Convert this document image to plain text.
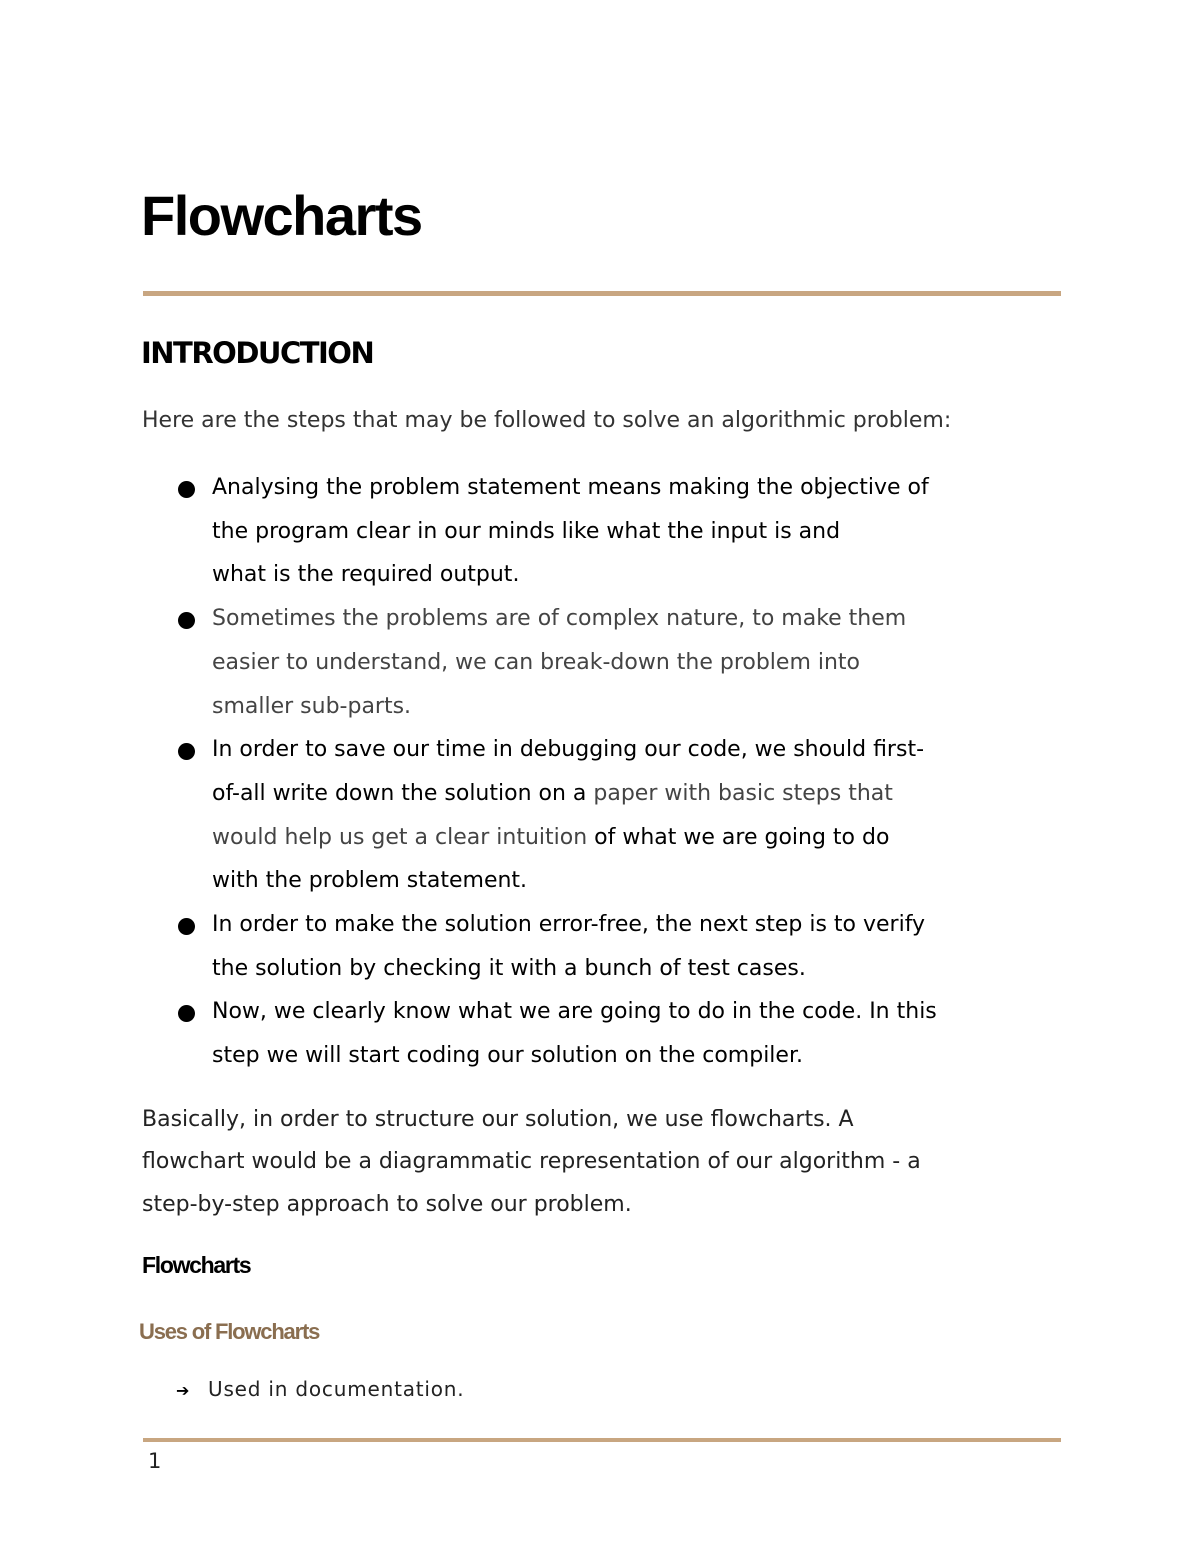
Flowcharts
INTRODUCTION

Here are the steps that may be followed to solve an algorithmic problem:

Analysing the problem statement means making the objective of
the program clear in our minds like what the input is and
what is the required output.
Sometimes the problems are of complex nature, to make them
easier to understand, we can break-down the problem into
smaller sub-parts.
In order to save our time in debugging our code, we should first-
of-all write down the solution on a paper with basic steps that
would help us get a clear intuition of what we are going to do
with the problem statement.
In order to make the solution error-free, the next step is to verify
the solution by checking it with a bunch of test cases.
Now, we clearly know what we are going to do in the code. In this
step we will start coding our solution on the compiler.

Basically, in order to structure our solution, we use flowcharts. A
flowchart would be a diagrammatic representation of our algorithm - a
step-by-step approach to solve our problem.

Flowcharts
Uses of Flowcharts
➔ Used in documentation.
1
